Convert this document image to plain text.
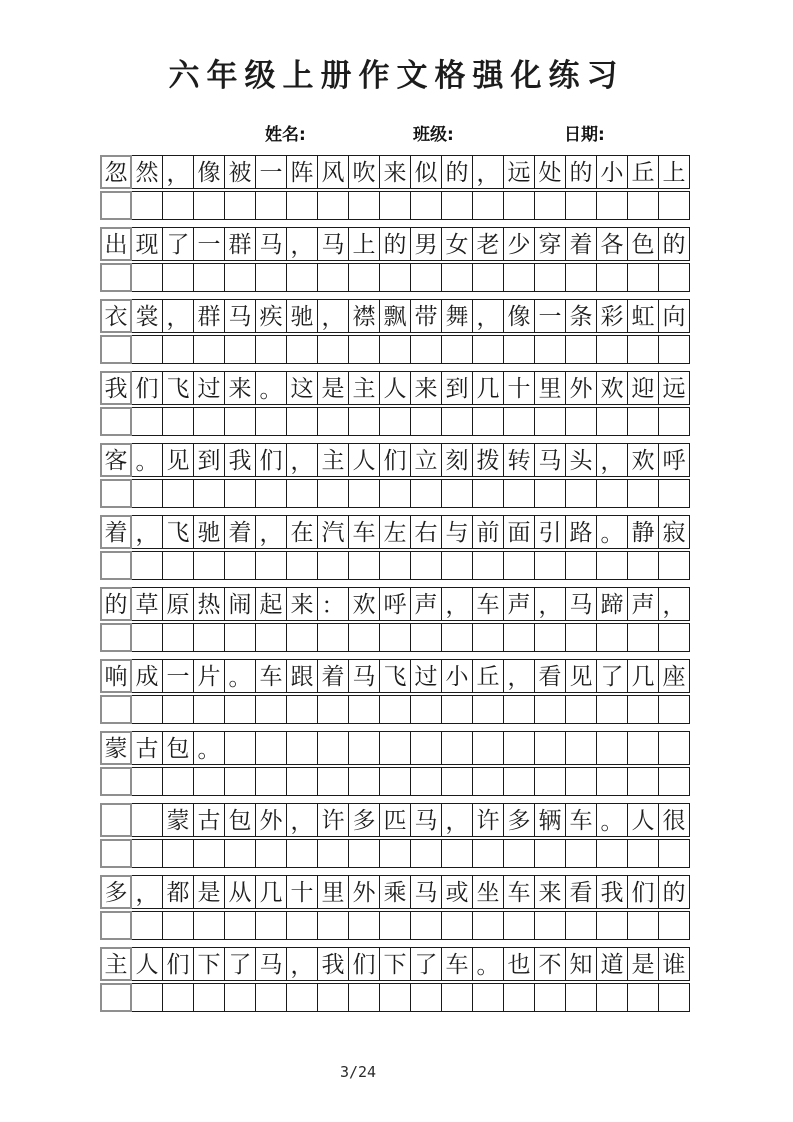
六年级上册作文格强化练习
姓名:	班级:	日期:
忽 然 ， 像 被 一 阵 风 吹 来 似 的 ， 远 处 的 小 丘 上
出 现 了 一 群 马 ， 马 上 的 男 女 老 少 穿 着 各 色 的
衣 裳 ， 群 马 疾 驰 ， 襟 飘 带 舞 ， 像 一 条 彩 虹 向
我 们 飞 过 来 。 这 是 主 人 来 到 几 十 里 外 欢 迎 远
客 。 见 到 我 们 ， 主 人 们 立 刻 拨 转 马 头 ， 欢 呼
着 ， 飞 驰 着 ， 在 汽 车 左 右 与 前 面 引 路 。 静 寂
的 草 原 热 闹 起 来 ： 欢 呼 声 ， 车 声 ， 马 蹄 声 ，
响 成 一 片 。 车 跟 着 马 飞 过 小 丘 ， 看 见 了 几 座
蒙 古 包 。
蒙 古 包 外 ， 许 多 匹 马 ， 许 多 辆 车 。 人 很
多 ， 都 是 从 几 十 里 外 乘 马 或 坐 车 来 看 我 们 的
主 人 们 下 了 马 ， 我 们 下 了 车 。 也 不 知 道 是 谁
3/24
